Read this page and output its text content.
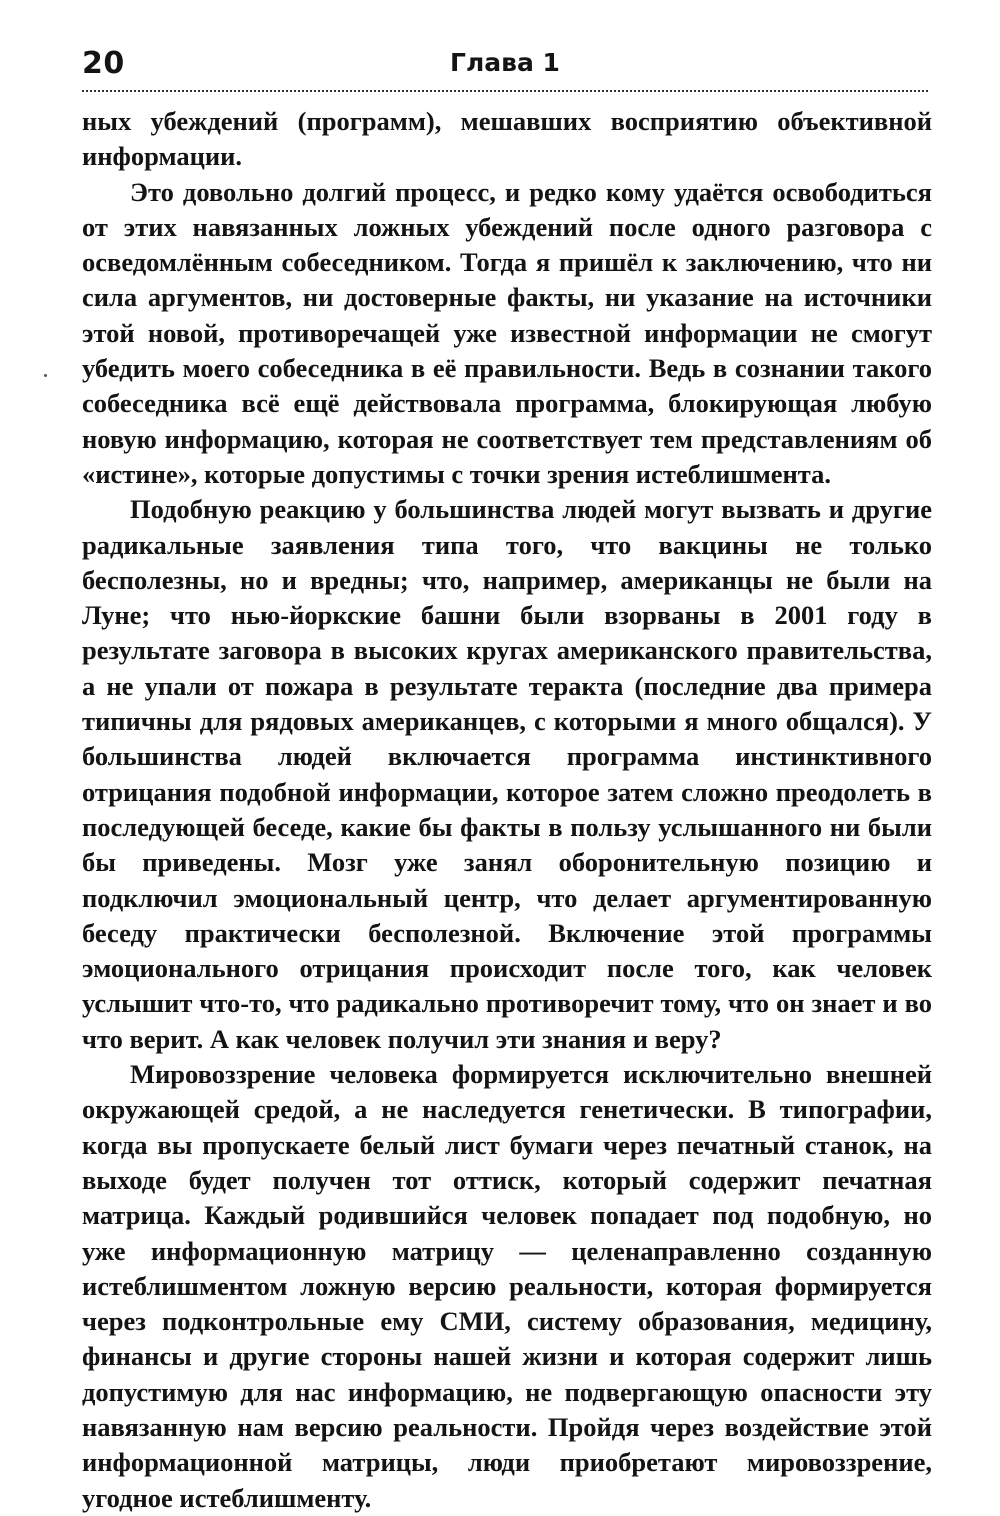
20	Глава 1

ных убеждений (программ), мешавших восприятию объективной информации.

Это довольно долгий процесс, и редко кому удаётся освободиться от этих навязанных ложных убеждений после одного разговора с осведомлённым собеседником. Тогда я пришёл к заключению, что ни сила аргументов, ни достоверные факты, ни указание на источники этой новой, противоречащей уже известной информации не смогут убедить моего собеседника в её правильности. Ведь в сознании такого собеседника всё ещё действовала программа, блокирующая любую новую информацию, которая не соответствует тем представлениям об «истине», которые допустимы с точки зрения истеблишмента.

Подобную реакцию у большинства людей могут вызвать и другие радикальные заявления типа того, что вакцины не только бесполезны, но и вредны; что, например, американцы не были на Луне; что нью-йоркские башни были взорваны в 2001 году в результате заговора в высоких кругах американского правительства, а не упали от пожара в результате теракта (последние два примера типичны для рядовых американцев, с которыми я много общался). У большинства людей включается программа инстинктивного отрицания подобной информации, которое затем сложно преодолеть в последующей беседе, какие бы факты в пользу услышанного ни были бы приведены. Мозг уже занял оборонительную позицию и подключил эмоциональный центр, что делает аргументированную беседу практически бесполезной. Включение этой программы эмоционального отрицания происходит после того, как человек услышит что-то, что радикально противоречит тому, что он знает и во что верит. А как человек получил эти знания и веру?

Мировоззрение человека формируется исключительно внешней окружающей средой, а не наследуется генетически. В типографии, когда вы пропускаете белый лист бумаги через печатный станок, на выходе будет получен тот оттиск, который содержит печатная матрица. Каждый родившийся человек попадает под подобную, но уже информационную матрицу — целенаправленно созданную истеблишментом ложную версию реальности, которая формируется через подконтрольные ему СМИ, систему образования, медицину, финансы и другие стороны нашей жизни и которая содержит лишь допустимую для нас информацию, не подвергающую опасности эту навязанную нам версию реальности. Пройдя через воздействие этой информационной матрицы, люди приобретают мировоззрение, угодное истеблишменту.
